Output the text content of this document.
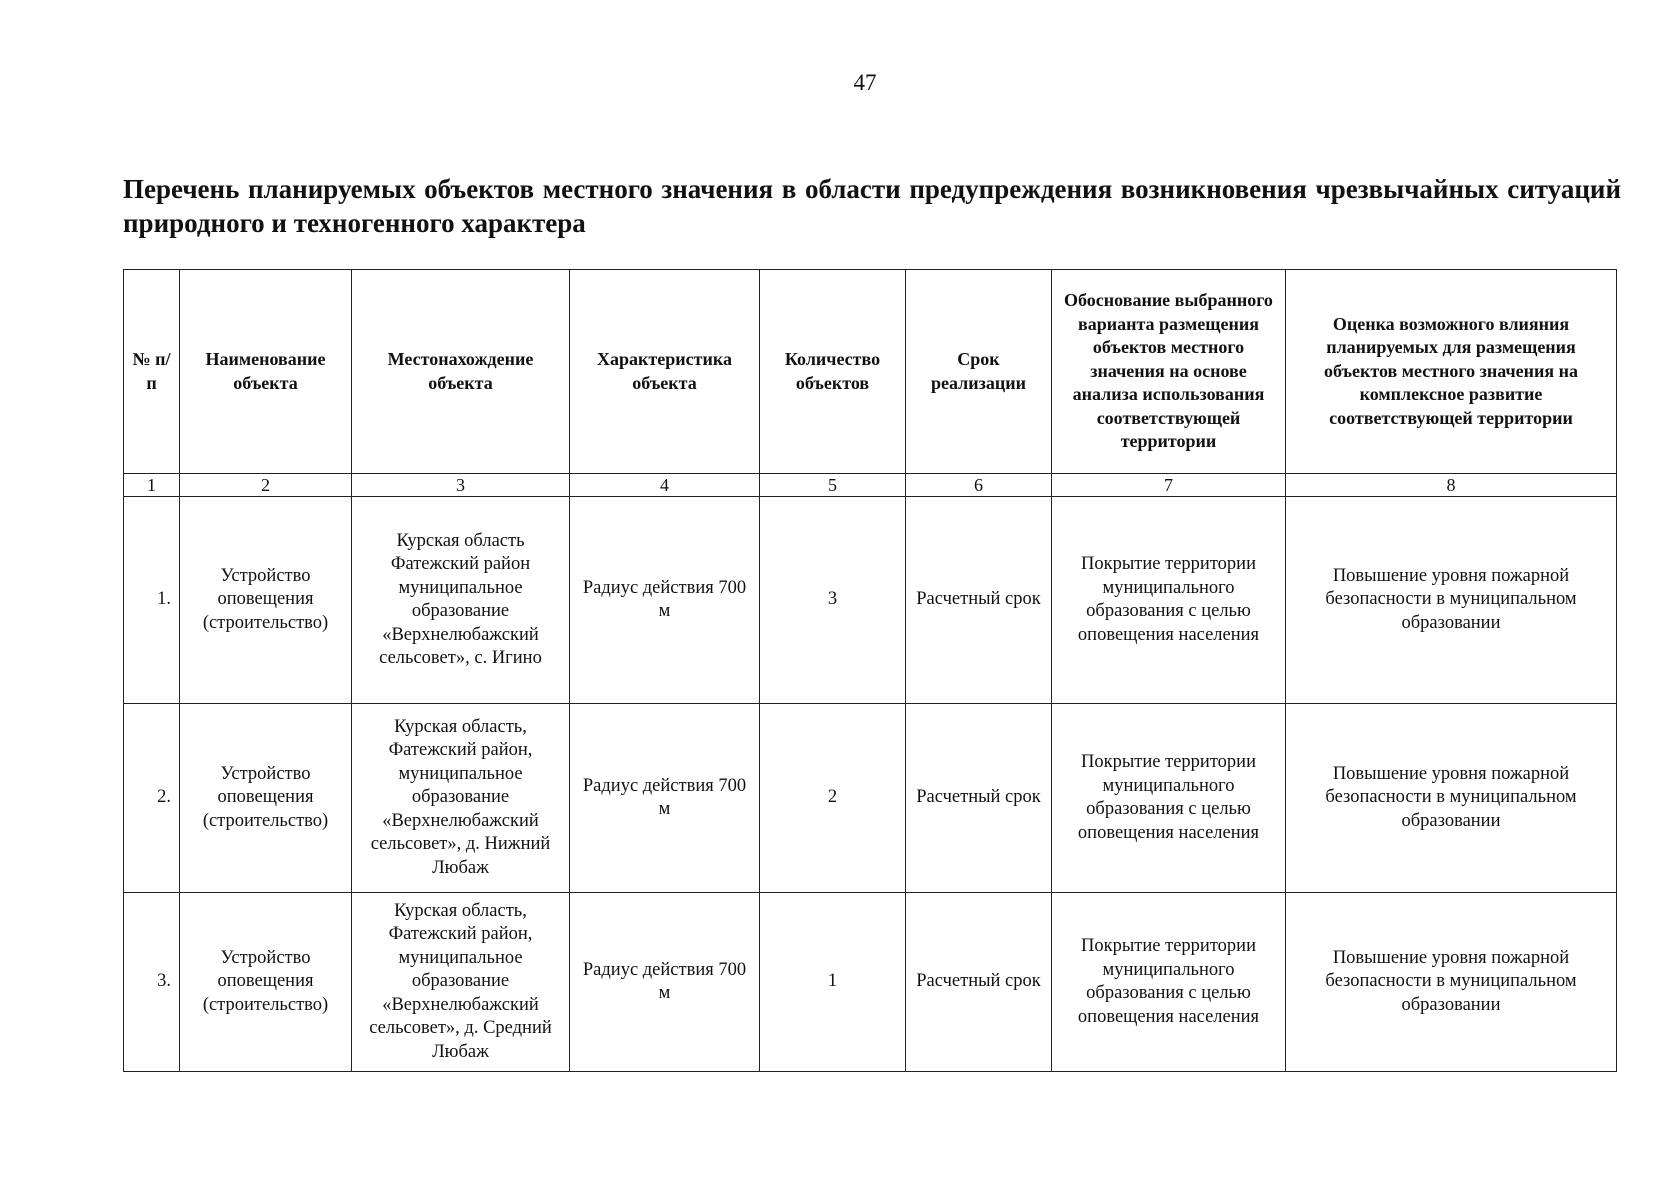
47
Перечень планируемых объектов местного значения в области предупреждения возникновения чрезвычайных ситуаций природного и техногенного характера
№ п/п	Наименование объекта	Местонахождение объекта	Характеристика объекта	Количество объектов	Срок реализации	Обоснование выбранного варианта размещения объектов местного значения на основе анализа использования соответствующей территории	Оценка возможного влияния планируемых для размещения объектов местного значения на комплексное развитие соответствующей территории
1	2	3	4	5	6	7	8
1.	Устройство оповещения (строительство)	Курская область Фатежский район муниципальное образование «Верхнелюбажский сельсовет», с. Игино	Радиус действия 700 м	3	Расчетный срок	Покрытие территории муниципального образования с целью оповещения населения	Повышение уровня пожарной безопасности в муниципальном образовании
2.	Устройство оповещения (строительство)	Курская область, Фатежский район, муниципальное образование «Верхнелюбажский сельсовет», д. Нижний Любаж	Радиус действия 700 м	2	Расчетный срок	Покрытие территории муниципального образования с целью оповещения населения	Повышение уровня пожарной безопасности в муниципальном образовании
3.	Устройство оповещения (строительство)	Курская область, Фатежский район, муниципальное образование «Верхнелюбажский сельсовет», д. Средний Любаж	Радиус действия 700 м	1	Расчетный срок	Покрытие территории муниципального образования с целью оповещения населения	Повышение уровня пожарной безопасности в муниципальном образовании
